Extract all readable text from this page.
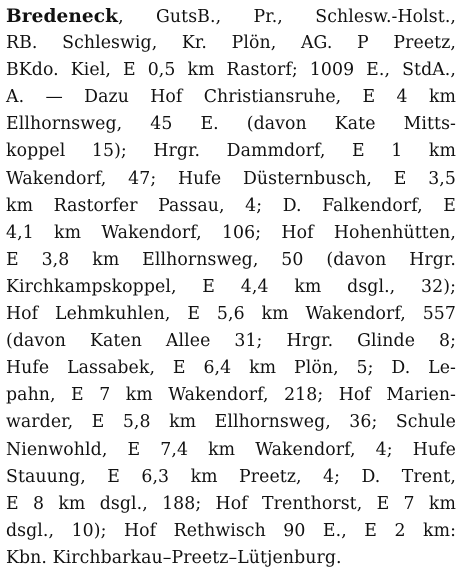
Bredeneck, GutsB., Pr., Schlesw.-Holst.,
RB. Schleswig, Kr. Plön, AG. P Preetz,
BKdo. Kiel, E 0,5 km Rastorf; 1009 E., StdA.,
A. — Dazu Hof Christiansruhe, E 4 km
Ellhornsweg, 45 E. (davon Kate Mitts-
koppel 15); Hrgr. Dammdorf, E 1 km
Wakendorf, 47; Hufe Düsternbusch, E 3,5
km Rastorfer Passau, 4; D. Falkendorf, E
4,1 km Wakendorf, 106; Hof Hohenhütten,
E 3,8 km Ellhornsweg, 50 (davon Hrgr.
Kirchkampskoppel, E 4,4 km dsgl., 32);
Hof Lehmkuhlen, E 5,6 km Wakendorf, 557
(davon Katen Allee 31; Hrgr. Glinde 8;
Hufe Lassabek, E 6,4 km Plön, 5; D. Le-
pahn, E 7 km Wakendorf, 218; Hof Marien-
warder, E 5,8 km Ellhornsweg, 36; Schule
Nienwohld, E 7,4 km Wakendorf, 4; Hufe
Stauung, E 6,3 km Preetz, 4; D. Trent,
E 8 km dsgl., 188; Hof Trenthorst, E 7 km
dsgl., 10); Hof Rethwisch 90 E., E 2 km:
Kbn. Kirchbarkau–Preetz–Lütjenburg.
